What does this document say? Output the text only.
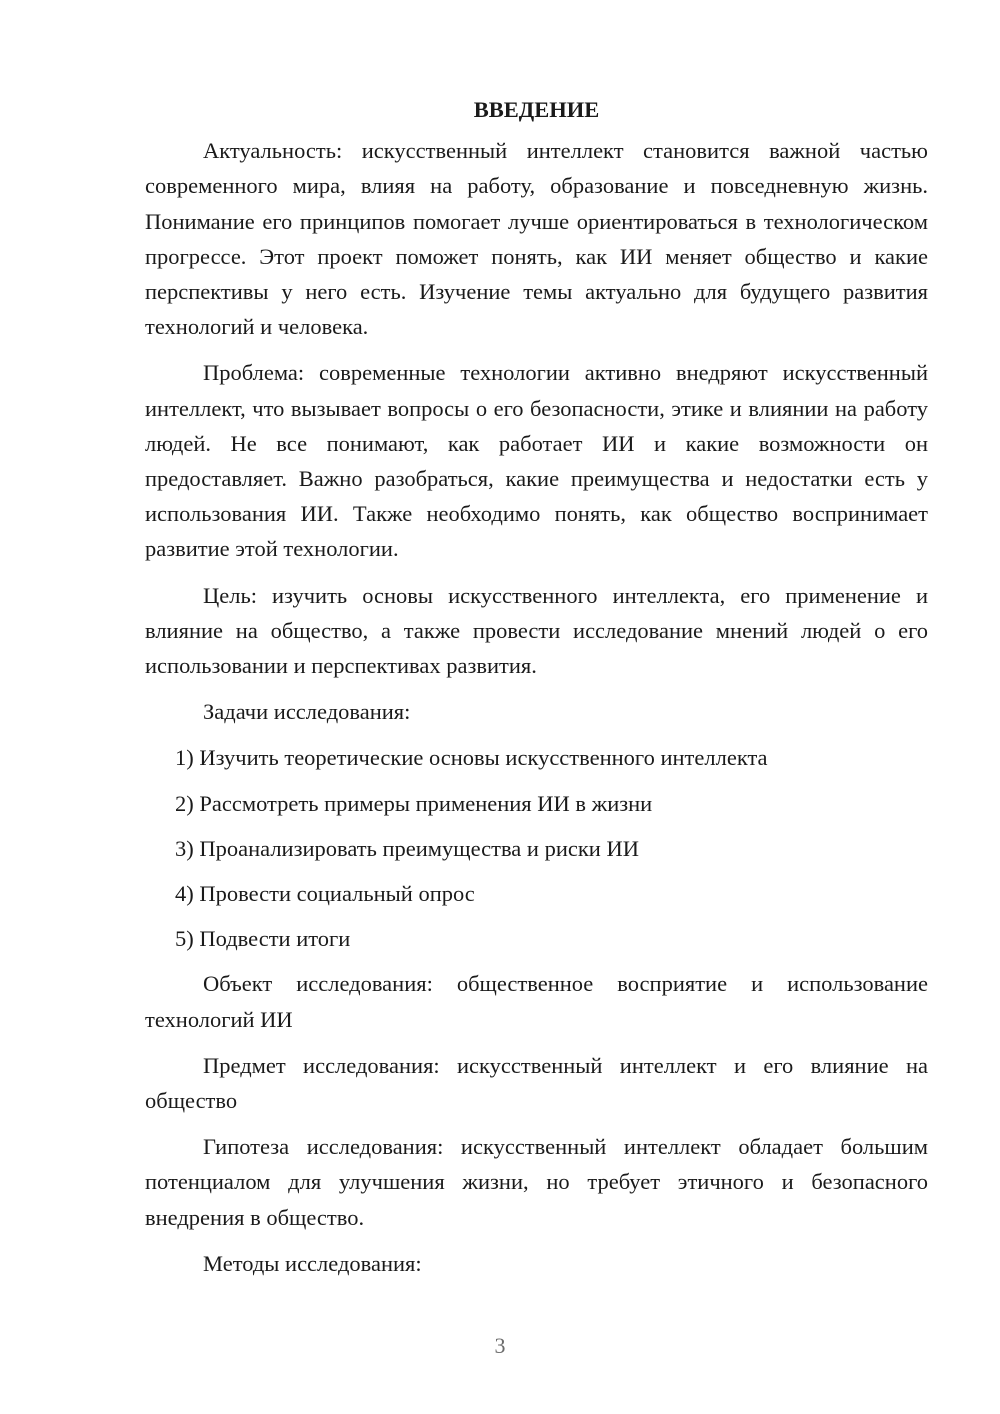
ВВЕДЕНИЕ

Актуальность: искусственный интеллект становится важной частью современного мира, влияя на работу, образование и повседневную жизнь. Понимание его принципов помогает лучше ориентироваться в технологическом прогрессе. Этот проект поможет понять, как ИИ меняет общество и какие перспективы у него есть. Изучение темы актуально для будущего развития технологий и человека.

Проблема: современные технологии активно внедряют искусственный интеллект, что вызывает вопросы о его безопасности, этике и влиянии на работу людей. Не все понимают, как работает ИИ и какие возможности он предоставляет. Важно разобраться, какие преимущества и недостатки есть у использования ИИ. Также необходимо понять, как общество воспринимает развитие этой технологии.

Цель: изучить основы искусственного интеллекта, его применение и влияние на общество, а также провести исследование мнений людей о его использовании и перспективах развития.

Задачи исследования:

1) Изучить теоретические основы искусственного интеллекта

2) Рассмотреть примеры применения ИИ в жизни

3) Проанализировать преимущества и риски ИИ

4) Провести социальный опрос

5) Подвести итоги

Объект исследования: общественное восприятие и использование технологий ИИ

Предмет исследования: искусственный интеллект и его влияние на общество

Гипотеза исследования: искусственный интеллект обладает большим потенциалом для улучшения жизни, но требует этичного и безопасного внедрения в общество.

Методы исследования:

3
